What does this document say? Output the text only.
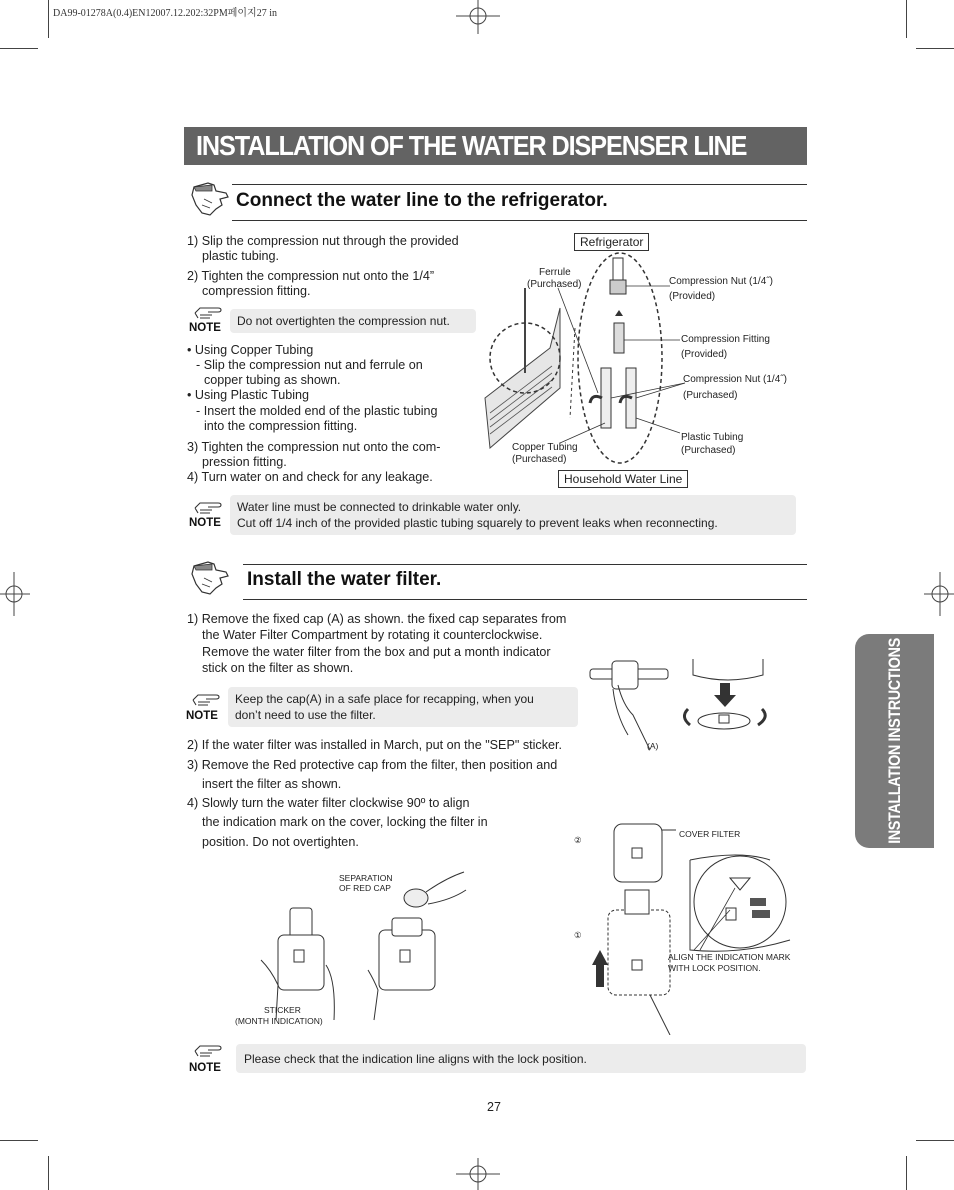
DA99-01278A(0.4)EN12007.12.202:32PM페이지27 in
INSTALLATION OF THE WATER DISPENSER LINE
INSTALLATION INSTRUCTIONS
Connect the water line to the refrigerator.
1) Slip the compression nut through the provided
plastic tubing.
2) Tighten the compression nut onto the 1/4”
compression fitting.
NOTE Do not overtighten the compression nut.
• Using Copper Tubing
- Slip the compression nut and ferrule on
copper tubing as shown.
• Using Plastic Tubing
- Insert the molded end of the plastic tubing
into the compression fitting.
3) Tighten the compression nut onto the com-
pression fitting.
4) Turn water on and check for any leakage.
Refrigerator
Ferrule
(Purchased)	Compression Nut (1/4˝)
(Provided)
Compression Fitting
(Provided)
Compression Nut (1/4˝)
(Purchased)
Plastic Tubing
(Purchased)
Copper Tubing
(Purchased)
Household Water Line
NOTE
Water line must be connected to drinkable water only.
Cut off 1/4 inch of the provided plastic tubing squarely to prevent leaks when reconnecting.
Install the water filter.
1) Remove the fixed cap (A) as shown. the fixed cap separates from
the Water Filter Compartment by rotating it counterclockwise.
Remove the water filter from the box and put a month indicator
stick on the filter as shown.
NOTE
Keep the cap(A) in a safe place for recapping, when you
don’t need to use the filter.
2) If the water filter was installed in March, put on the "SEP" sticker.
3) Remove the Red protective cap from the filter, then position and
insert the filter as shown.
4) Slowly turn the water filter clockwise 90º to align
the indication mark on the cover, locking the filter in
position. Do not overtighten.
(A)
SEPARATION
OF RED CAP
STICKER
(MONTH INDICATION)
②
①
COVER FILTER
ALIGN THE INDICATION MARK
WITH LOCK POSITION.
NOTE
Please check that the indication line aligns with the lock position.
27
